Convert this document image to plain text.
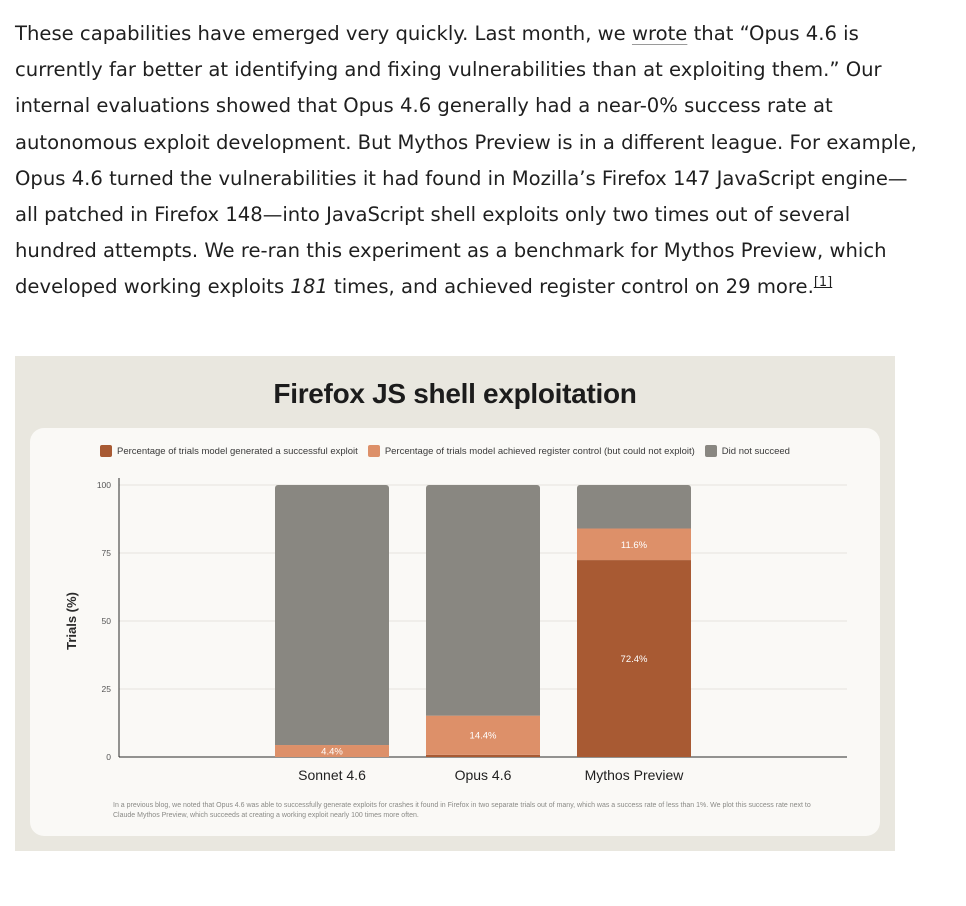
These capabilities have emerged very quickly. Last month, we wrote that “Opus 4.6 is currently far better at identifying and fixing vulnerabilities than at exploiting them.” Our internal evaluations showed that Opus 4.6 generally had a near-0% success rate at autonomous exploit development. But Mythos Preview is in a different league. For example, Opus 4.6 turned the vulnerabilities it had found in Mozilla’s Firefox 147 JavaScript engine—all patched in Firefox 148—into JavaScript shell exploits only two times out of several hundred attempts. We re-ran this experiment as a benchmark for Mythos Preview, which developed working exploits 181 times, and achieved register control on 29 more.[1]

Firefox JS shell exploitation
Percentage of trials model generated a successful exploit	Percentage of trials model achieved register control (but could not exploit)	Did not succeed
0
25
50
75
100
Trials (%)
4.4%
Sonnet 4.6
14.4%
Opus 4.6
72.4%
11.6%
Mythos Preview
In a previous blog, we noted that Opus 4.6 was able to successfully generate exploits for crashes it found in Firefox in two separate trials out of many, which was a success rate of less than 1%. We plot this success rate next to Claude Mythos Preview, which succeeds at creating a working exploit nearly 100 times more often.
